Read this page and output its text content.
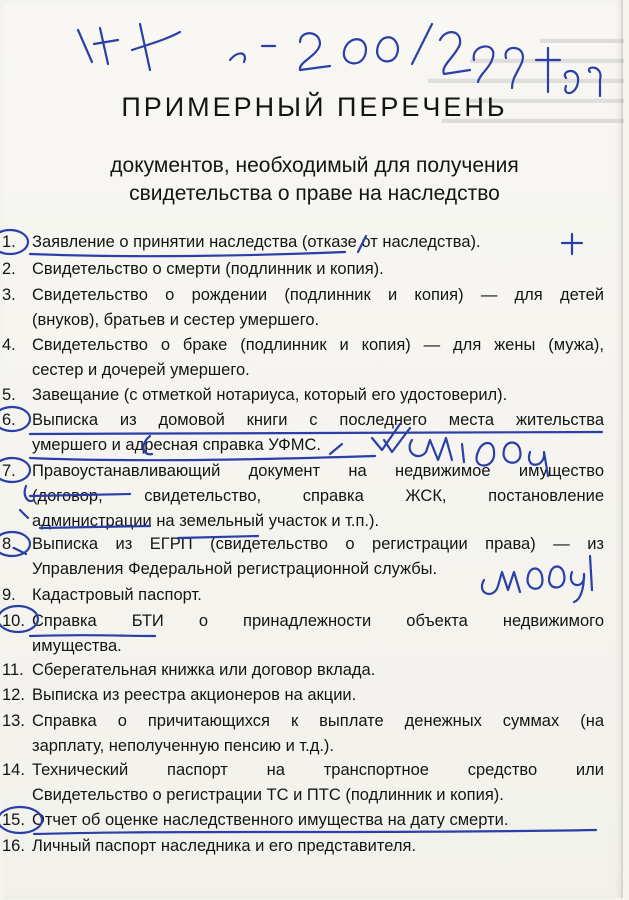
▬▬▬▬▬▬
▬▬▬▬▬▬▬▬▬▬▬
▬▬▬▬▬▬▬▬▬▬▬▬▬▬
▬▬▬▬▬▬▬▬▬▬▬
▬▬▬▬▬▬▬▬▬▬▬▬▬
ПРИМЕРНЫЙ ПЕРЕЧЕНЬ
документов, необходимый для получения
свидетельства о праве на наследство
1. Заявление о принятии наследства (отказе от наследства).
2. Свидетельство о смерти (подлинник и копия).
3. Свидетельство о рождении (подлинник и копия) — для детей
(внуков), братьев и сестер умершего.
4. Свидетельство о браке (подлинник и копия) — для жены (мужа),
сестер и дочерей умершего.
5. Завещание (с отметкой нотариуса, который его удостоверил).
6. Выписка из домовой книги с последнего места жительства
умершего и адресная справка УФМС.
7. Правоустанавливающий документ на недвижимое имущество
(договор, свидетельство, справка ЖСК, постановление
администрации на земельный участок и т.п.).
8. Выписка из ЕГРП (свидетельство о регистрации права) — из
Управления Федеральной регистрационной службы.
9. Кадастровый паспорт.
10. Справка БТИ о принадлежности объекта недвижимого
имущества.
11. Сберегательная книжка или договор вклада.
12. Выписка из реестра акционеров на акции.
13. Справка о причитающихся к выплате денежных суммах (на
зарплату, неполученную пенсию и т.д.).
14. Технический паспорт на транспортное средство или
Свидетельство о регистрации ТС и ПТС (подлинник и копия).
15. Отчет об оценке наследственного имущества на дату смерти.
16. Личный паспорт наследника и его представителя.
